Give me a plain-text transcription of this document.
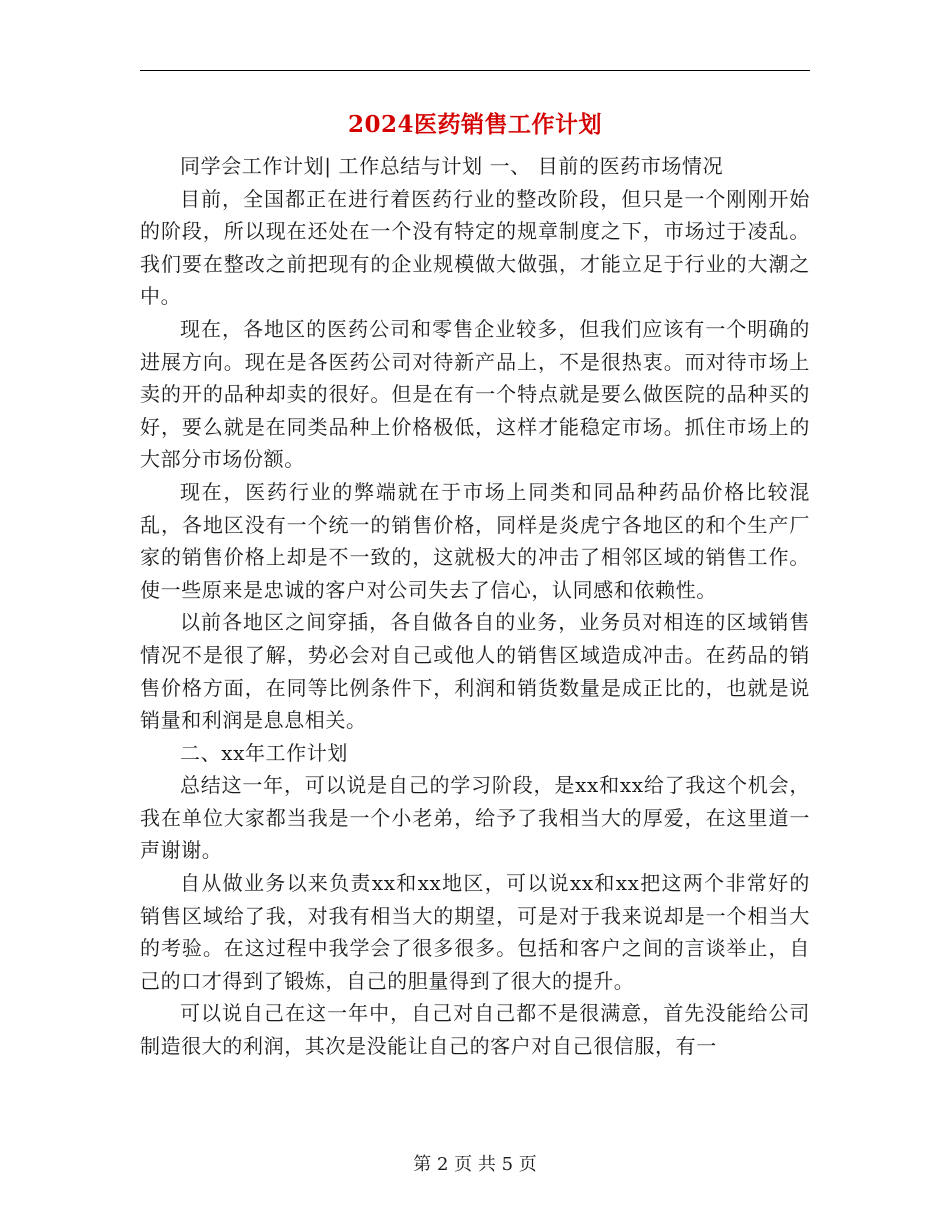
2024医药销售工作计划

同学会工作计划| 工作总结与计划 一、 目前的医药市场情况

目前，全国都正在进行着医药行业的整改阶段，但只是一个刚刚开始的阶段，所以现在还处在一个没有特定的规章制度之下，市场过于凌乱。我们要在整改之前把现有的企业规模做大做强，才能立足于行业的大潮之中。

现在，各地区的医药公司和零售企业较多，但我们应该有一个明确的进展方向。现在是各医药公司对待新产品上，不是很热衷。而对待市场上卖的开的品种却卖的很好。但是在有一个特点就是要么做医院的品种买的好，要么就是在同类品种上价格极低，这样才能稳定市场。抓住市场上的大部分市场份额。

现在，医药行业的弊端就在于市场上同类和同品种药品价格比较混乱，各地区没有一个统一的销售价格，同样是炎虎宁各地区的和个生产厂家的销售价格上却是不一致的，这就极大的冲击了相邻区域的销售工作。使一些原来是忠诚的客户对公司失去了信心，认同感和依赖性。

以前各地区之间穿插，各自做各自的业务，业务员对相连的区域销售情况不是很了解，势必会对自己或他人的销售区域造成冲击。在药品的销售价格方面，在同等比例条件下，利润和销货数量是成正比的，也就是说销量和利润是息息相关。

二、xx年工作计划

总结这一年，可以说是自己的学习阶段，是xx和xx给了我这个机会，我在单位大家都当我是一个小老弟，给予了我相当大的厚爱，在这里道一声谢谢。

自从做业务以来负责xx和xx地区，可以说xx和xx把这两个非常好的销售区域给了我，对我有相当大的期望，可是对于我来说却是一个相当大的考验。在这过程中我学会了很多很多。包括和客户之间的言谈举止，自己的口才得到了锻炼，自己的胆量得到了很大的提升。

可以说自己在这一年中，自己对自己都不是很满意，首先没能给公司制造很大的利润，其次是没能让自己的客户对自己很信服，有一

第 2 页 共 5 页
